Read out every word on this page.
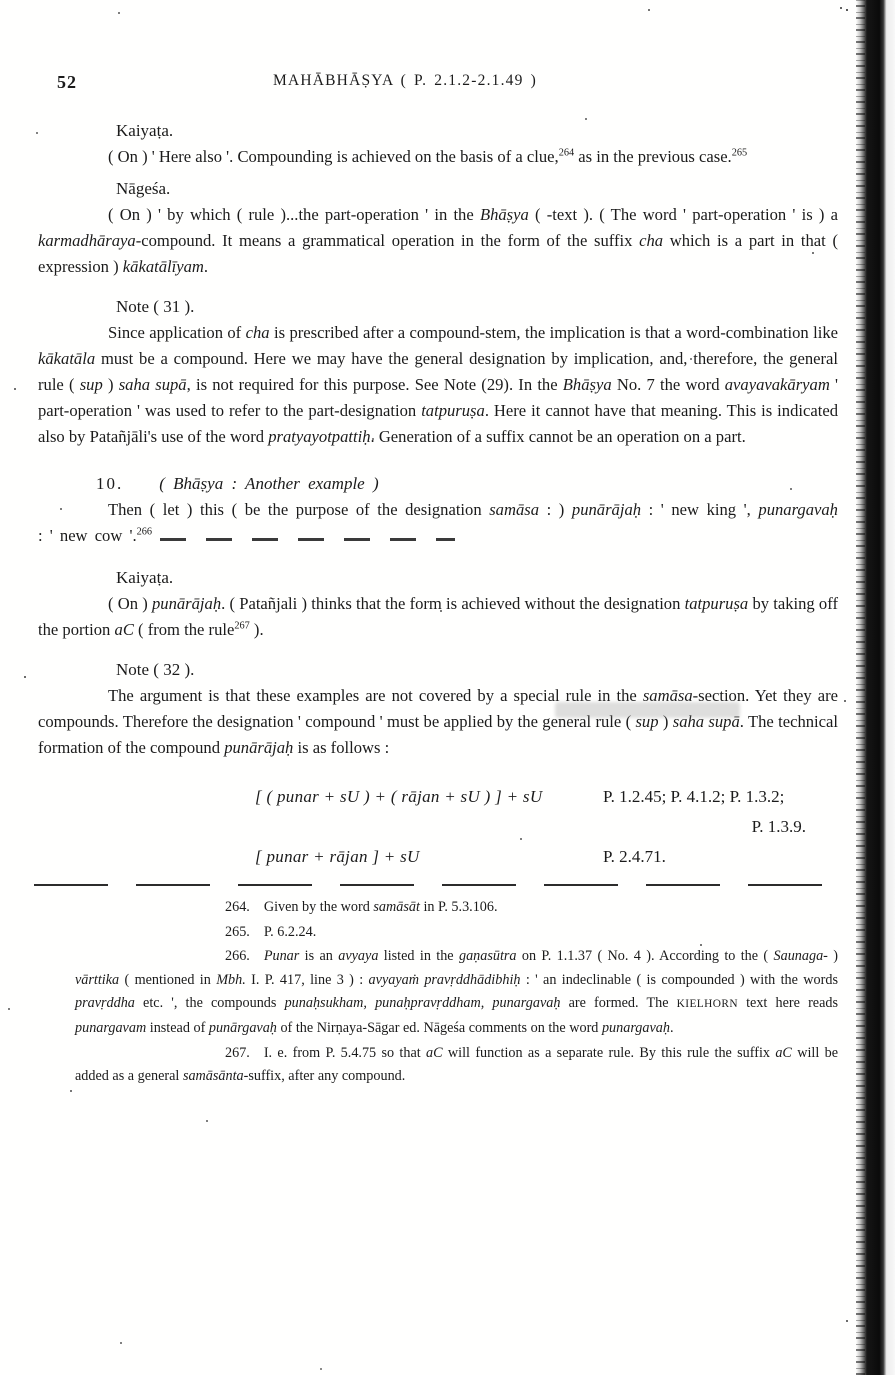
52	MAHĀBHĀṢYA ( P. 2.1.2-2.1.49 )

Kaiyaṭa.

( On ) ' Here also '. Compounding is achieved on the basis of a clue,$^{264}$ as in the previous case.$^{265}$

Nāgeśa.

( On ) ' by which ( rule )...the part-operation ' in the Bhāṣya ( -text ). ( The word ' part-operation ' is ) a karmadhāraya-compound. It means a grammatical operation in the form of the suffix cha which is a part in that ( expression ) kākatālīyam.

Note ( 31 ).

Since application of cha is prescribed after a compound-stem, the implication is that a word-combination like kākatāla must be a compound. Here we may have the general designation by implication, and, therefore, the general rule ( sup ) saha supā, is not required for this purpose. See Note (29). In the Bhāṣya No. 7 the word avayavakāryam ' part-operation ' was used to refer to the part-designation tatpuruṣa. Here it cannot have that meaning. This is indicated also by Patañjāli's use of the word pratyayotpattiḥ. Generation of a suffix cannot be an operation on a part.

10. ( Bhāṣya : Another example )

Then ( let ) this ( be the purpose of the designation samāsa : ) punārājaḥ : ' new king ', punargavaḥ : ' new cow '.$^{266}$

Kaiyaṭa.

( On ) punārājaḥ. ( Patañjali ) thinks that the form is achieved without the designation tatpuruṣa by taking off the portion aC ( from the rule$^{267}$ ).

Note ( 32 ).

The argument is that these examples are not covered by a special rule in the samāsa-section. Yet they are compounds. Therefore the designation ' compound ' must be applied by the general rule ( sup ) saha supā. The technical formation of the compound punārājaḥ is as follows :

[ ( punar + sU ) + ( rājan + sU ) ] + sU	P. 1.2.45; P. 4.1.2; P. 1.3.2;
P. 1.3.9.
[ punar + rājan ] + sU	P. 2.4.71.

264. Given by the word samāsāt in P. 5.3.106.

265. P. 6.2.24.

266. Punar is an avyaya listed in the gaṇasūtra on P. 1.1.37 ( No. 4 ). According to the ( Saunaga- ) vārttika ( mentioned in Mbh. I. P. 417, line 3 ) : avyayaṁ pravṛddhādibhiḥ : ' an indeclinable ( is compounded ) with the words pravṛddha etc. ', the compounds punaḥsukham, punaḥpravṛddham, punargavaḥ are formed. The KIELHORN text here reads punargavam instead of punārgavaḥ of the Nirṇaya-Sāgar ed. Nāgeśa comments on the word punargavaḥ.

267. I. e. from P. 5.4.75 so that aC will function as a separate rule. By this rule the suffix aC will be added as a general samāsānta-suffix, after any compound.
